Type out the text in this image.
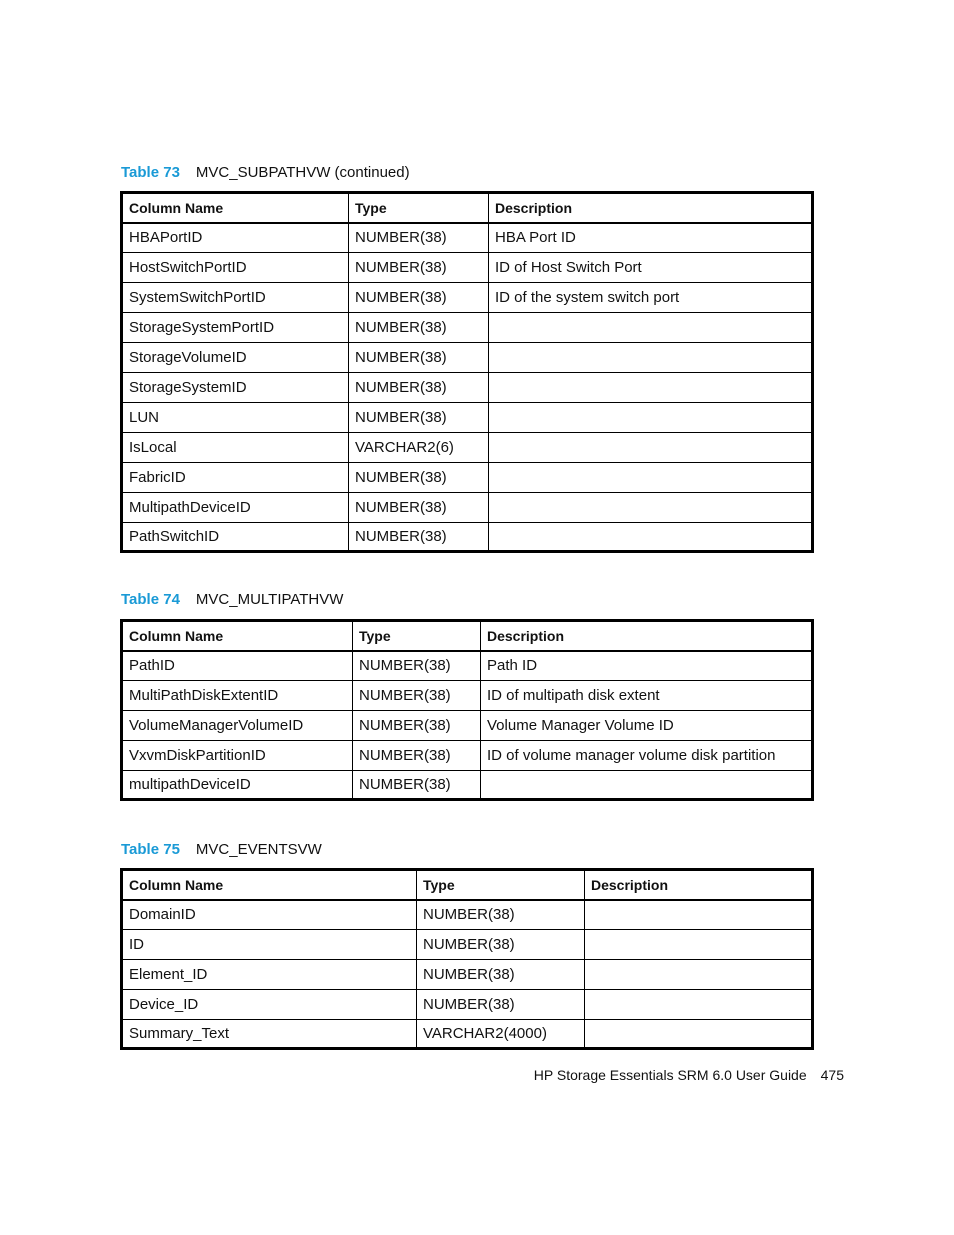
Table 73 MVC_SUBPATHVW (continued)
Column Name	Type	Description
HBAPortID	NUMBER(38)	HBA Port ID
HostSwitchPortID	NUMBER(38)	ID of Host Switch Port
SystemSwitchPortID	NUMBER(38)	ID of the system switch port
StorageSystemPortID	NUMBER(38)	
StorageVolumeID	NUMBER(38)	
StorageSystemID	NUMBER(38)	
LUN	NUMBER(38)	
IsLocal	VARCHAR2(6)	
FabricID	NUMBER(38)	
MultipathDeviceID	NUMBER(38)	
PathSwitchID	NUMBER(38)	
Table 74 MVC_MULTIPATHVW
Column Name	Type	Description
PathID	NUMBER(38)	Path ID
MultiPathDiskExtentID	NUMBER(38)	ID of multipath disk extent
VolumeManagerVolumeID	NUMBER(38)	Volume Manager Volume ID
VxvmDiskPartitionID	NUMBER(38)	ID of volume manager volume disk partition
multipathDeviceID	NUMBER(38)	
Table 75 MVC_EVENTSVW
Column Name	Type	Description
DomainID	NUMBER(38)	
ID	NUMBER(38)	
Element_ID	NUMBER(38)	
Device_ID	NUMBER(38)	
Summary_Text	VARCHAR2(4000)	
HP Storage Essentials SRM 6.0 User Guide 475
